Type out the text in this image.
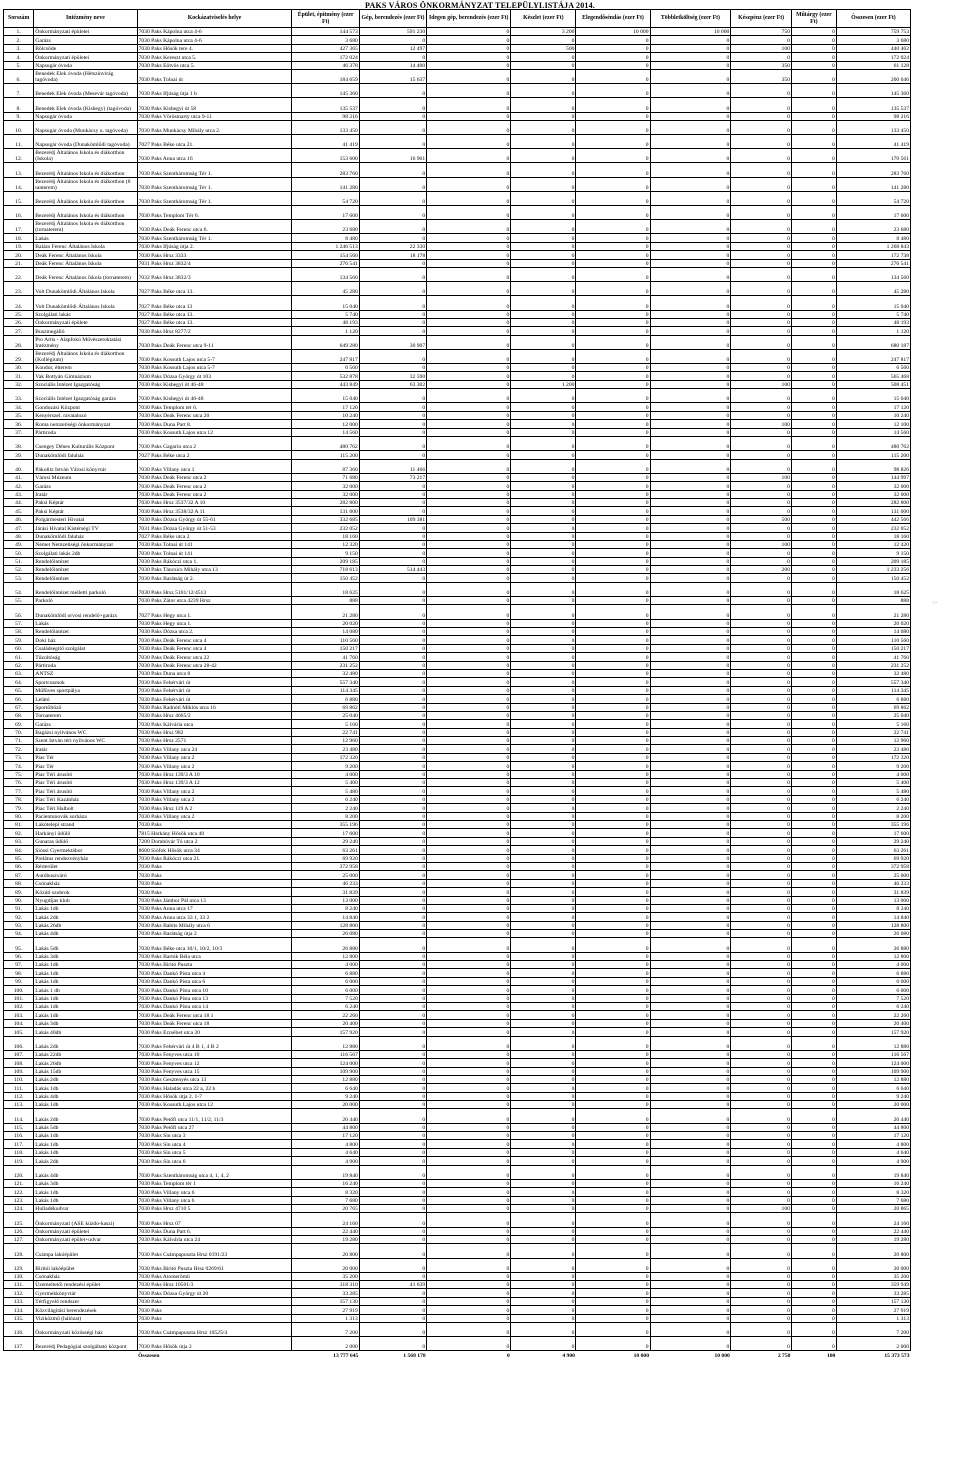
PAKS VÁROS ÖNKORMÁNYZAT TELEPÜLYLISTÁJA 2014.
Sorszám	Intézmény neve	Kockázatviselés helye	Épület, építmény (ezer Ft)	Gép, berendezés (ezer Ft)	Idegen gép, berendezés (ezer Ft)	Készlet (ezer Ft)	Elegendőséndás (ezer Ft)	Többletköltség (ezer Ft)	Készpénz (ezer Ft)	Műtárgy (ezer Ft)	Összesen (ezer Ft)
1.	Önkormányzati épületei	7030 Paks Kápolna utca 4-6	144 573	591 230	0	3 200	10 000	10 000	750	0	759 753
2.	Garázs	7030 Paks Kápolna utca 4-6	3 680	0	0	0	0	0	0	0	3 680
3.	Bölcsőde	7030 Paks Hősök tere 4.	427 365	12 497	0	500	0	0	100	0	440 462
4.	Önkormányzati épületei	7030 Paks Kereszt utca 5.	172 024	0	0	0	0	0	0	0	172 024
5.	Napsugár óvoda	7030 Paks Eötvös utca 5.	46 378	14 400	0	0	0	0	350	0	61 128
6.	Benedek Elek óvoda (Hétszínvirág tagóvoda)	7030 Paks Tolnai út	184 659	15 637	0	0	0	0	350	0	200 646
7.	Benedek Elek óvoda (Mesevár tagóvoda)	7030 Paks Ifjúság útja 1 b	145 360	0	0	0	0	0	0	0	145 360
8.	Benedek Elek óvoda (Kishegy) (tagóvoda)	7030 Paks Kishegyi út 58	135 537	0	0	0	0	0	0	0	135 537
9.	Napsugár óvoda	7030 Paks Vörösmarty utca 9-11	98 216	0	0	0	0	0	0	0	98 216
10.	Napsugár óvoda (Munkácsy u. tagóvoda)	7030 Paks Munkácsy Mihály utca 2.	133 450	0	0	0	0	0	0	0	133 450
11.	Napsugár óvoda (Dunakömlődi tagóvoda)	7027 Paks Béke utca 21.	41 419	0	0	0	0	0	0	0	41 419
12.	Bezerédj Általános Iskola és diákotthon (Iskola)	7030 Paks Anna utca 16	153 600	16 961	0	0	0	0	0	0	170 561
13.	Bezerédj Általános Iskola és diákotthon	7030 Paks Szentháromság Tér 1.	283 760	0	0	0	0	0	0	0	283 760
14.	Bezerédj Általános Iskola és diákotthon (8 tanterem)	7030 Paks Szentháromság Tér 1.	141 280	0	0	0	0	0	0	0	141 280
15.	Bezerédj Általános Iskola és diákotthon	7030 Paks Szentháromság Tér 1.	54 720	0	0	0	0	0	0	0	54 720
16.	Bezerédj Általános Iskola és diákotthon	7030 Paks Templom Tér 6.	17 600	0	0	0	0	0	0	0	17 600
17.	Bezerédj Általános Iskola és diákotthon (tornaterem)	7030 Paks Deák Ferenc utca 6.	23 680	0	0	0	0	0	0	0	23 680
18.	Lakás	7030 Paks Szentháromság Tér 1.	8 480	0	0	0	0	0	0	0	8 480
19.	Balázs Ferenc Általános Iskola	7030 Paks Ifjúság útja 2.	1 246 513	22 330	0	0	0	0	0	0	1 268 843
20.	Deák Ferenc Általános Iskola	7030 Paks Hrsz 3333	154 560	18 178	0	0	0	0	0	0	172 738
21.	Deák Ferenc Általános Iskola	7031 Paks Hrsz 3832/4	276 541	0	0	0	0	0	0	0	276 541
22.	Deák Ferenc Általános Iskola (tornaterem)	7032 Paks Hrsz 3832/3	134 560	0	0	0	0	0	0	0	134 560
23.	Volt Dunakömlődi Általános Iskola	7027 Paks Béke utca 13.	45 280	0	0	0	0	0	0	0	45 280
24.	Volt Dunakömlődi Általános Iskola	7027 Paks Béke utca 13	15 040	0	0	0	0	0	0	0	15 040
25.	Szolgálati lakás	7027 Paks Béke utca 13.	5 740	0	0	0	0	0	0	0	5 740
26.	Önkormányzati épülete	7027 Paks Béke utca 13.	48 193	0	0	0	0	0	0	0	48 193
27.	Buszmegálló	7030 Paks Hrsz 8277/2	1 120	0	0	0	0	0	0	0	1 120
28.	Pro Artis - Alapfokú Művészetoktatási Intézmény	7030 Paks Deák Ferenc utca 9-11	649 280	30 907	0	0	0	0	0	0	680 187
29.	Bezerédj Általános Iskola és diákotthon (Kollégium)	7030 Paks Kossuth Lajos utca 5-7	247 817	0	0	0	0	0	0	0	247 817
30.	Kondor, étterem	7030 Paks Kossuth Lajos utca 5-7	6 560	0	0	0	0	0	0	0	6 560
31.	Vak Bottyán Gimnázium	7030 Paks Dózsa György út 103	532 878	32 590	0	0	0	0	0	0	565 468
32.	Szociális Intézet Igazgatóság	7030 Paks Kishegyi út 46-48	443 849	63 302	0	1 200	0	0	100	0	508 451
33.	Szociális Intézet Igazgatóság garázs	7030 Paks Kishegyi út 46-48	15 040	0	0	0	0	0	0	0	15 040
34.	Gondozási Központ	7030 Paks Templom tér 6.	17 120	0	0	0	0	0	0	0	17 120
35.	Kenyérszel. ravatalozó	7030 Paks Deák Ferenc utca 20	10 240	0	0	0	0	0	0	0	10 240
36.	Roma nemzetiségi önkormányzat	7030 Paks Duna Part 8.	12 000	0	0	0	0	0	100	0	12 100
37.	Pártiroda	7030 Paks Kossuth Lajos utca 12	14 560	0	0	0	0	0	0	0	14 560
38.	Csengey Dénes Kulturális Központ	7030 Paks Gagarin utca 2	480 762	0	0	0	0	0	0	0	480 762
39.	Dunakömlődi faluház	7027 Paks Béke utca 2	115 200	0	0	0	0	0	0	0	115 200
40.	Pákolitz István Városi könyvtár	7030 Paks Villany utca 1	87 360	11 466	0	0	0	0	0	0	98 826
41.	Városi Múzeum	7030 Paks Deák Ferenc utca 2	71 680	73 217	0	0	0	0	100	0	144 997
42.	Garázs	7030 Paks Deák Ferenc utca 2	32 000	0	0	0	0	0	0	0	32 000
43.	Iratár	7030 Paks Deák Ferenc utca 2	32 000	0	0	0	0	0	0	0	32 000
44.	Paksi Képtár	7030 Paks Hrsz 3537/32 A 10	282 800	0	0	0	0	0	0	0	282 800
45.	Paksi Képtár	7030 Paks Hrsz 3538/32 A 11	131 000	0	0	0	0	0	0	0	131 000
46.	Polgármesteri Hivatal	7030 Paks Dózsa György út 55-61	332 685	109 381	0	0	0	0	500	0	442 566
47.	Járási Hivatal Kistérségi TV	7031 Paks Dózsa György út 51-53	232 052	0	0	0	0	0	0	0	232 052
48.	Dunakömlődi faluház	7027 Paks Béke utca 2	18 160	0	0	0	0	0	0	0	18 160
49.	Német Nemzetiségi önkormányzat	7030 Paks Tolnai út 141	12 320	0	0	0	0	0	100	0	12 420
50.	Szolgálati lakás 2db	7030 Paks Tolnai út 141	9 150	0	0	0	0	0	0	0	9 150
51.	Rendelőintézet	7030 Paks Rákóczi utca 1.	209 185	0	0	0	0	0	0	0	209 185
52.	Rendelőintézet	7030 Paks Táncsics Mihály utca 13	718 613	514 443	0	0	0	0	200	0	1 233 256
53.	Rendelőintézet	7030 Paks Barátság út 2.	150 452	0	0	0	0	0	0	0	150 452
54.	Rendelőintézet melletti parkoló	7030 Paks Hrsz 5101/12/4513	18 625	0	0	0	0	0	0	0	18 625
55.	Parkoló	7030 Paks Zátor utca 4239 Hrsz	888	0	0	0	0	0	0	0	888
56.	Dunakömlődi orvosi rendelő+garázs	7027 Paks Hegy utca 1.	21 280	0	0	0	0	0	0	0	21 280
57.	Lakás	7030 Paks Hegy utca 1.	20 020	0	0	0	0	0	0	0	20 020
58.	Rendelőintézet	7030 Paks Dózsa utca 2.	14 080	0	0	0	0	0	0	0	14 080
59.	Doki ház	7030 Paks Deák Ferenc utca 4	110 560	0	0	0	0	0	0	0	110 560
60.	Családsegítő szolgálat	7030 Paks Deák Ferenc utca 4	150 217	0	0	0	0	0	0	0	150 217
61.	Tűzoltóság	7030 Paks Deák Ferenc utca 22	41 760	0	0	0	0	0	0	0	41 760
62.	Pártiroda	7030 Paks Deák Ferenc utca 28-42	231 252	0	0	0	0	0	0	0	231 252
63.	ANTSZ	7030 Paks Duna utca 8	32 480	0	0	0	0	0	0	0	32 480
64.	Sportcsarnok	7030 Paks Fehérvári út	557 340	0	0	0	0	0	0	0	557 340
65.	Műfüves sportpálya	7030 Paks Fehérvári út	114 345	0	0	0	0	0	0	0	114 345
66.	Lelátó	7030 Paks Fehérvári út	6 880	0	0	0	0	0	0	0	6 880
67.	Sportöltöző	7030 Paks Radnóti Miklós utca 16	69 862	0	0	0	0	0	0	0	69 862
68.	Tornaterem	7030 Paks Hrsz 4665/2	25 040	0	0	0	0	0	0	0	25 040
69.	Garázs	7030 Paks Kálvária utca	5 160	0	0	0	0	0	0	0	5 160
70.	Bagázsi nyilvános WC	7030 Paks Hrsz 982	22 741	0	0	0	0	0	0	0	22 741
71.	Szent István téri nyilvános WC	7030 Paks Hrsz 2571	12 960	0	0	0	0	0	0	0	12 960
72.	Iratár	7030 Paks Villany utca 24	23 480	0	0	0	0	0	0	0	23 480
73.	Piac Tér	7030 Paks Villany utca 2	172 320	0	0	0	0	0	0	0	172 320
74.	Piac Tér	7030 Paks Villany utca 2	9 200	0	0	0	0	0	0	0	9 200
75.	Piac Téri árusító	7030 Paks Hrsz 139/3 A 10	4 000	0	0	0	0	0	0	0	4 000
76.	Piac Téri árusító	7030 Paks Hrsz 139/3 A 12	5 400	0	0	0	0	0	0	0	5 400
77.	Piac Téri árusító	7030 Paks Villany utca 2	5 480	0	0	0	0	0	0	0	5 480
78.	Piac Téri Kazánház	7030 Paks Villany utca 2	6 240	0	0	0	0	0	0	0	6 240
79.	Piac Téri Halbolt	7030 Paks Hrsz 119 A 2	2 240	0	0	0	0	0	0	0	2 240
80.	Pacientunovák sorháza	7030 Paks Villany utca 2	8 200	0	0	0	0	0	0	0	8 200
81.	Lakótelepi strand	7030 Paks	355 196	0	0	0	0	0	0	0	355 196
82.	Harkányi üdülő	7815 Harkány Hősök utca 40	17 600	0	0	0	0	0	0	0	17 600
83.	Gunaras üdülő	7200 Dombóvár Tó utca 2	29 240	0	0	0	0	0	0	0	29 240
84.	Sióssi Gyermektábor	8600 Siófok Hősök utca 34	63 261	0	0	0	0	0	0	0	63 261
85.	Prelátus rendezvényház	7030 Paks Rákóczi utca 21.	69 920	0	0	0	0	0	0	0	69 920
86.	Bérterület	7030 Paks	372 958	0	0	0	0	0	0	0	372 958
87.	Autóbuszváró	7030 Paks	25 000	0	0	0	0	0	0	0	25 000
88.	Csónakház	7030 Paks	46 233	0	0	0	0	0	0	0	46 233
89.	Közúti szobrok	7030 Paks	31 839	0	0	0	0	0	0	0	31 839
90.	Nyugdíjas klub	7030 Paks Jámbor Pál utca 13	13 000	0	0	0	0	0	0	0	13 000
91.	Lakás 1db	7030 Paks Anna utca 17	8 240	0	0	0	0	0	0	0	8 240
92.	Lakás 2db	7030 Paks Anna utca 33 1, 33 2	14 840	0	0	0	0	0	0	0	14 840
93.	Lakás 26db	7030 Paks Babits Mihály utca 6	128 800	0	0	0	0	0	0	0	128 800
94.	Lakás 4db	7030 Paks Barátság útja 2	26 080	0	0	0	0	0	0	0	26 080
95.	Lakás 5db	7030 Paks Béke utca 10/1, 10/2, 10/3	26 880	0	0	0	0	0	0	0	26 880
96.	Lakás 3db	7030 Paks Bartók Béla utca	12 800	0	0	0	0	0	0	0	12 800
97.	Lakás 1db	7030 Paks Biritó Puszta	4 000	0	0	0	0	0	0	0	4 000
98.	Lakás 1db	7030 Paks Dankó Pista utca 4	6 880	0	0	0	0	0	0	0	6 880
99.	Lakás 1db	7030 Paks Dankó Pista utca 6	6 000	0	0	0	0	0	0	0	6 000
100.	Lakás 1 db	7030 Paks Dankó Pista utca 10	6 000	0	0	0	0	0	0	0	6 000
101.	Lakás 1db	7030 Paks Dankó Pista utca 13	7 520	0	0	0	0	0	0	0	7 520
102.	Lakás 1db	7030 Paks Dankó Pista utca 14	6 240	0	0	0	0	0	0	0	6 240
103.	Lakás 1db	7030 Paks Deák Ferenc utca 18 1	22 260	0	0	0	0	0	0	0	22 260
104.	Lakás 3db	7030 Paks Deák Ferenc utca 18	20 400	0	0	0	0	0	0	0	20 400
105.	Lakás 40db	7030 Paks Erzsébet utca 20	157 920	0	0	0	0	0	0	0	157 920
106.	Lakás 2db	7030 Paks Fehérvári út 4 B 1, 4 B 2	12 880	0	0	0	0	0	0	0	12 880
107.	Lakás 22db	7030 Paks Fenyves utca 10	116 567	0	0	0	0	0	0	0	116 567
108.	Lakás 26db	7030 Paks Fenyves utca 12	124 000	0	0	0	0	0	0	0	124 000
109.	Lakás 15db	7030 Paks Fenyves utca 15	109 900	0	0	0	0	0	0	0	109 900
110.	Lakás 2db	7030 Paks Gesztenyés utca 13	12 880	0	0	0	0	0	0	0	12 880
111.	Lakás 1db	7030 Paks Haladás utca 22 a, 22 b	6 640	0	0	0	0	0	0	0	6 640
112.	Lakás 4db	7030 Paks Hősök útja 2. 1-7	9 240	0	0	0	0	0	0	0	9 240
113.	Lakás 1db	7030 Paks Kossuth Lajos utca 12	20 000	0	0	0	0	0	0	0	20 000
114.	Lakás 2db	7030 Paks Petőfi utca 11/1, 11/2, 11/3	20 440	0	0	0	0	0	0	0	20 440
115.	Lakás 5db	7030 Paks Petőfi utca 27	44 800	0	0	0	0	0	0	0	44 800
116.	Lakás 1db	7030 Paks Sin utca 3	17 120	0	0	0	0	0	0	0	17 120
117.	Lakás 1db	7030 Paks Sin utca 4	4 800	0	0	0	0	0	0	0	4 800
118.	Lakás 1db	7030 Paks Sin utca 5	4 640	0	0	0	0	0	0	0	4 640
119.	Lakás 2db	7030 Paks Sin utca 6	4 900	0	0	0	0	0	0	0	4 900
120.	Lakás 4db	7030 Paks Szentháromság utca 4, 1, 4, 2	19 840	0	0	0	0	0	0	0	19 840
121.	Lakás 3db	7030 Paks Templom tér 1	16 240	0	0	0	0	0	0	0	16 240
122.	Lakás 1db	7030 Paks Villany utca 6	8 320	0	0	0	0	0	0	0	8 320
123.	Lakás 1db	7030 Paks Villany utca 6	7 680	0	0	0	0	0	0	0	7 680
124.	Hulladékudvar	7030 Paks Hrsz 4710 5	20 765	0	0	0	0	0	100	0	20 865
125.	Önkormányzati (ASE küzdo-kaszi)	7030 Paks Hrsz 07	24 160	0	0	0	0	0	0	0	24 160
126.	Önkormányzati épületei	7030 Paks Duna Part 6.	22 440	0	0	0	0	0	0	0	22 440
127.	Önkormányzati épület+udvar	7030 Paks Kálvária utca 24	19 280	0	0	0	0	0	0	0	19 280
128.	Csámpa lakóépület	7030 Paks Csámpapuszta Hrsz 0191/23	20 800	0	0	0	0	0	0	0	20 800
129.	Biritói lakóépület	7030 Paks Biritó Puszta Hrsz 0269/61	20 000	0	0	0	0	0	0	0	20 000
130.	Csónakház	7030 Paks Atomerőmű	35 200	0	0	0	0	0	0	0	35 200
131.	Üzemeltetői rendezési épület	7030 Paks Hrsz 10501/3	318 310	41 639	0	0	0	0	0	0	359 949
132.	Gyermekkönyvtár	7030 Paks Dózsa György út 20	33 285	0	0	0	0	0	0	0	33 285
133.	Térfigyelő rendszer	7030 Paks	157 130	0	0	0	0	0	0	0	157 130
134.	Közvilágítási berendezések	7030 Paks	27 919	0	0	0	0	0	0	0	27 919
135.	Viziközmű (hálózat)	7030 Paks	1 313	0	0	0	0	0	0	0	1 313
136.	Önkormányzati közösségi ház	7030 Paks Csámpapuszta Hrsz 10525/4	7 200	0	0	0	0	0	0	0	7 200
137.	Bezerédj Pedagógiai szolgáltató központ	7030 Paks Hősök útja 2	2 000	0	0	0	0	0	0	0	2 000
		Összesen	13 777 645	1 568 178	0	4 900	10 000	10 000	2 750	100	15 373 573
·:·
